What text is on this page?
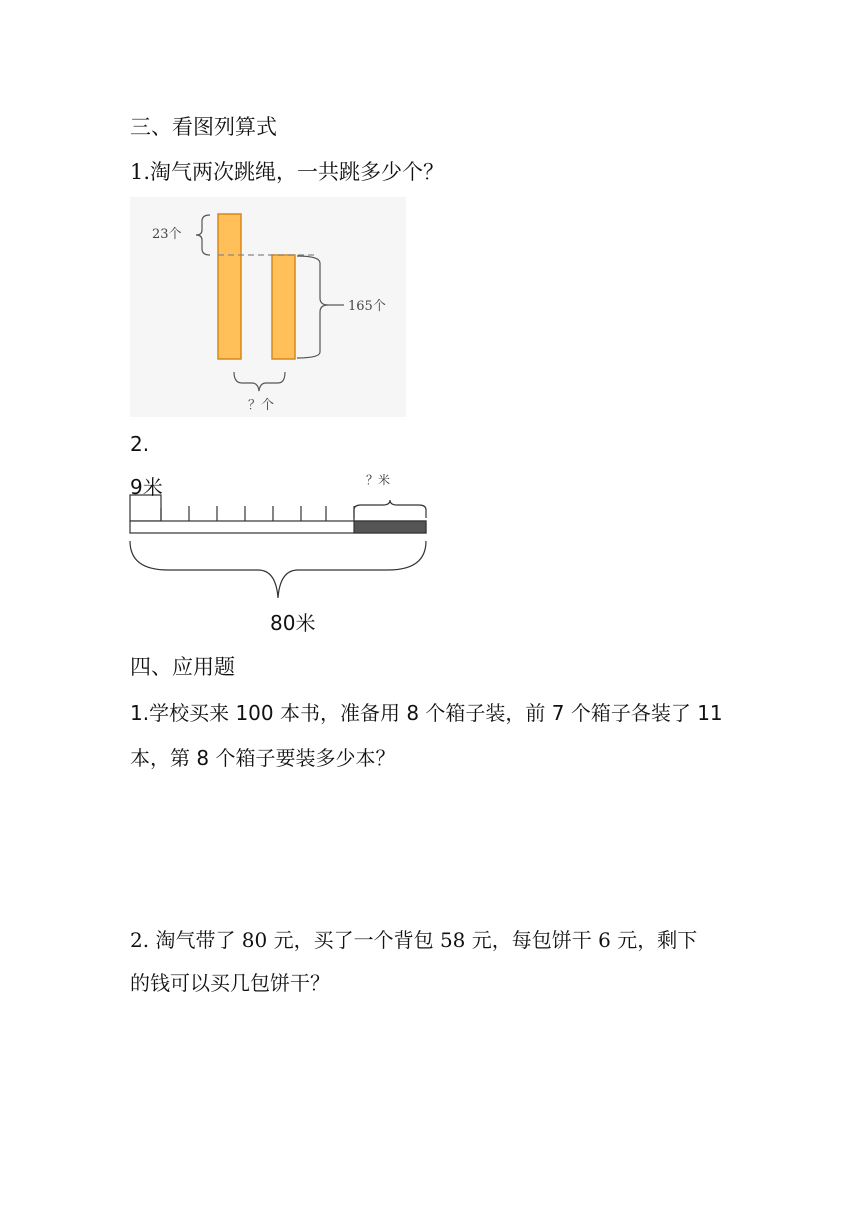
三、看图列算式
1.淘气两次跳绳，一共跳多少个？
23个
165个
？个
2.
？米
9米
80米
四、应用题
1.学校买来 100 本书，准备用 8 个箱子装，前 7 个箱子各装了 11
本，第 8 个箱子要装多少本？
2. 淘气带了 80 元，买了一个背包 58 元，每包饼干 6 元，剩下
的钱可以买几包饼干？
